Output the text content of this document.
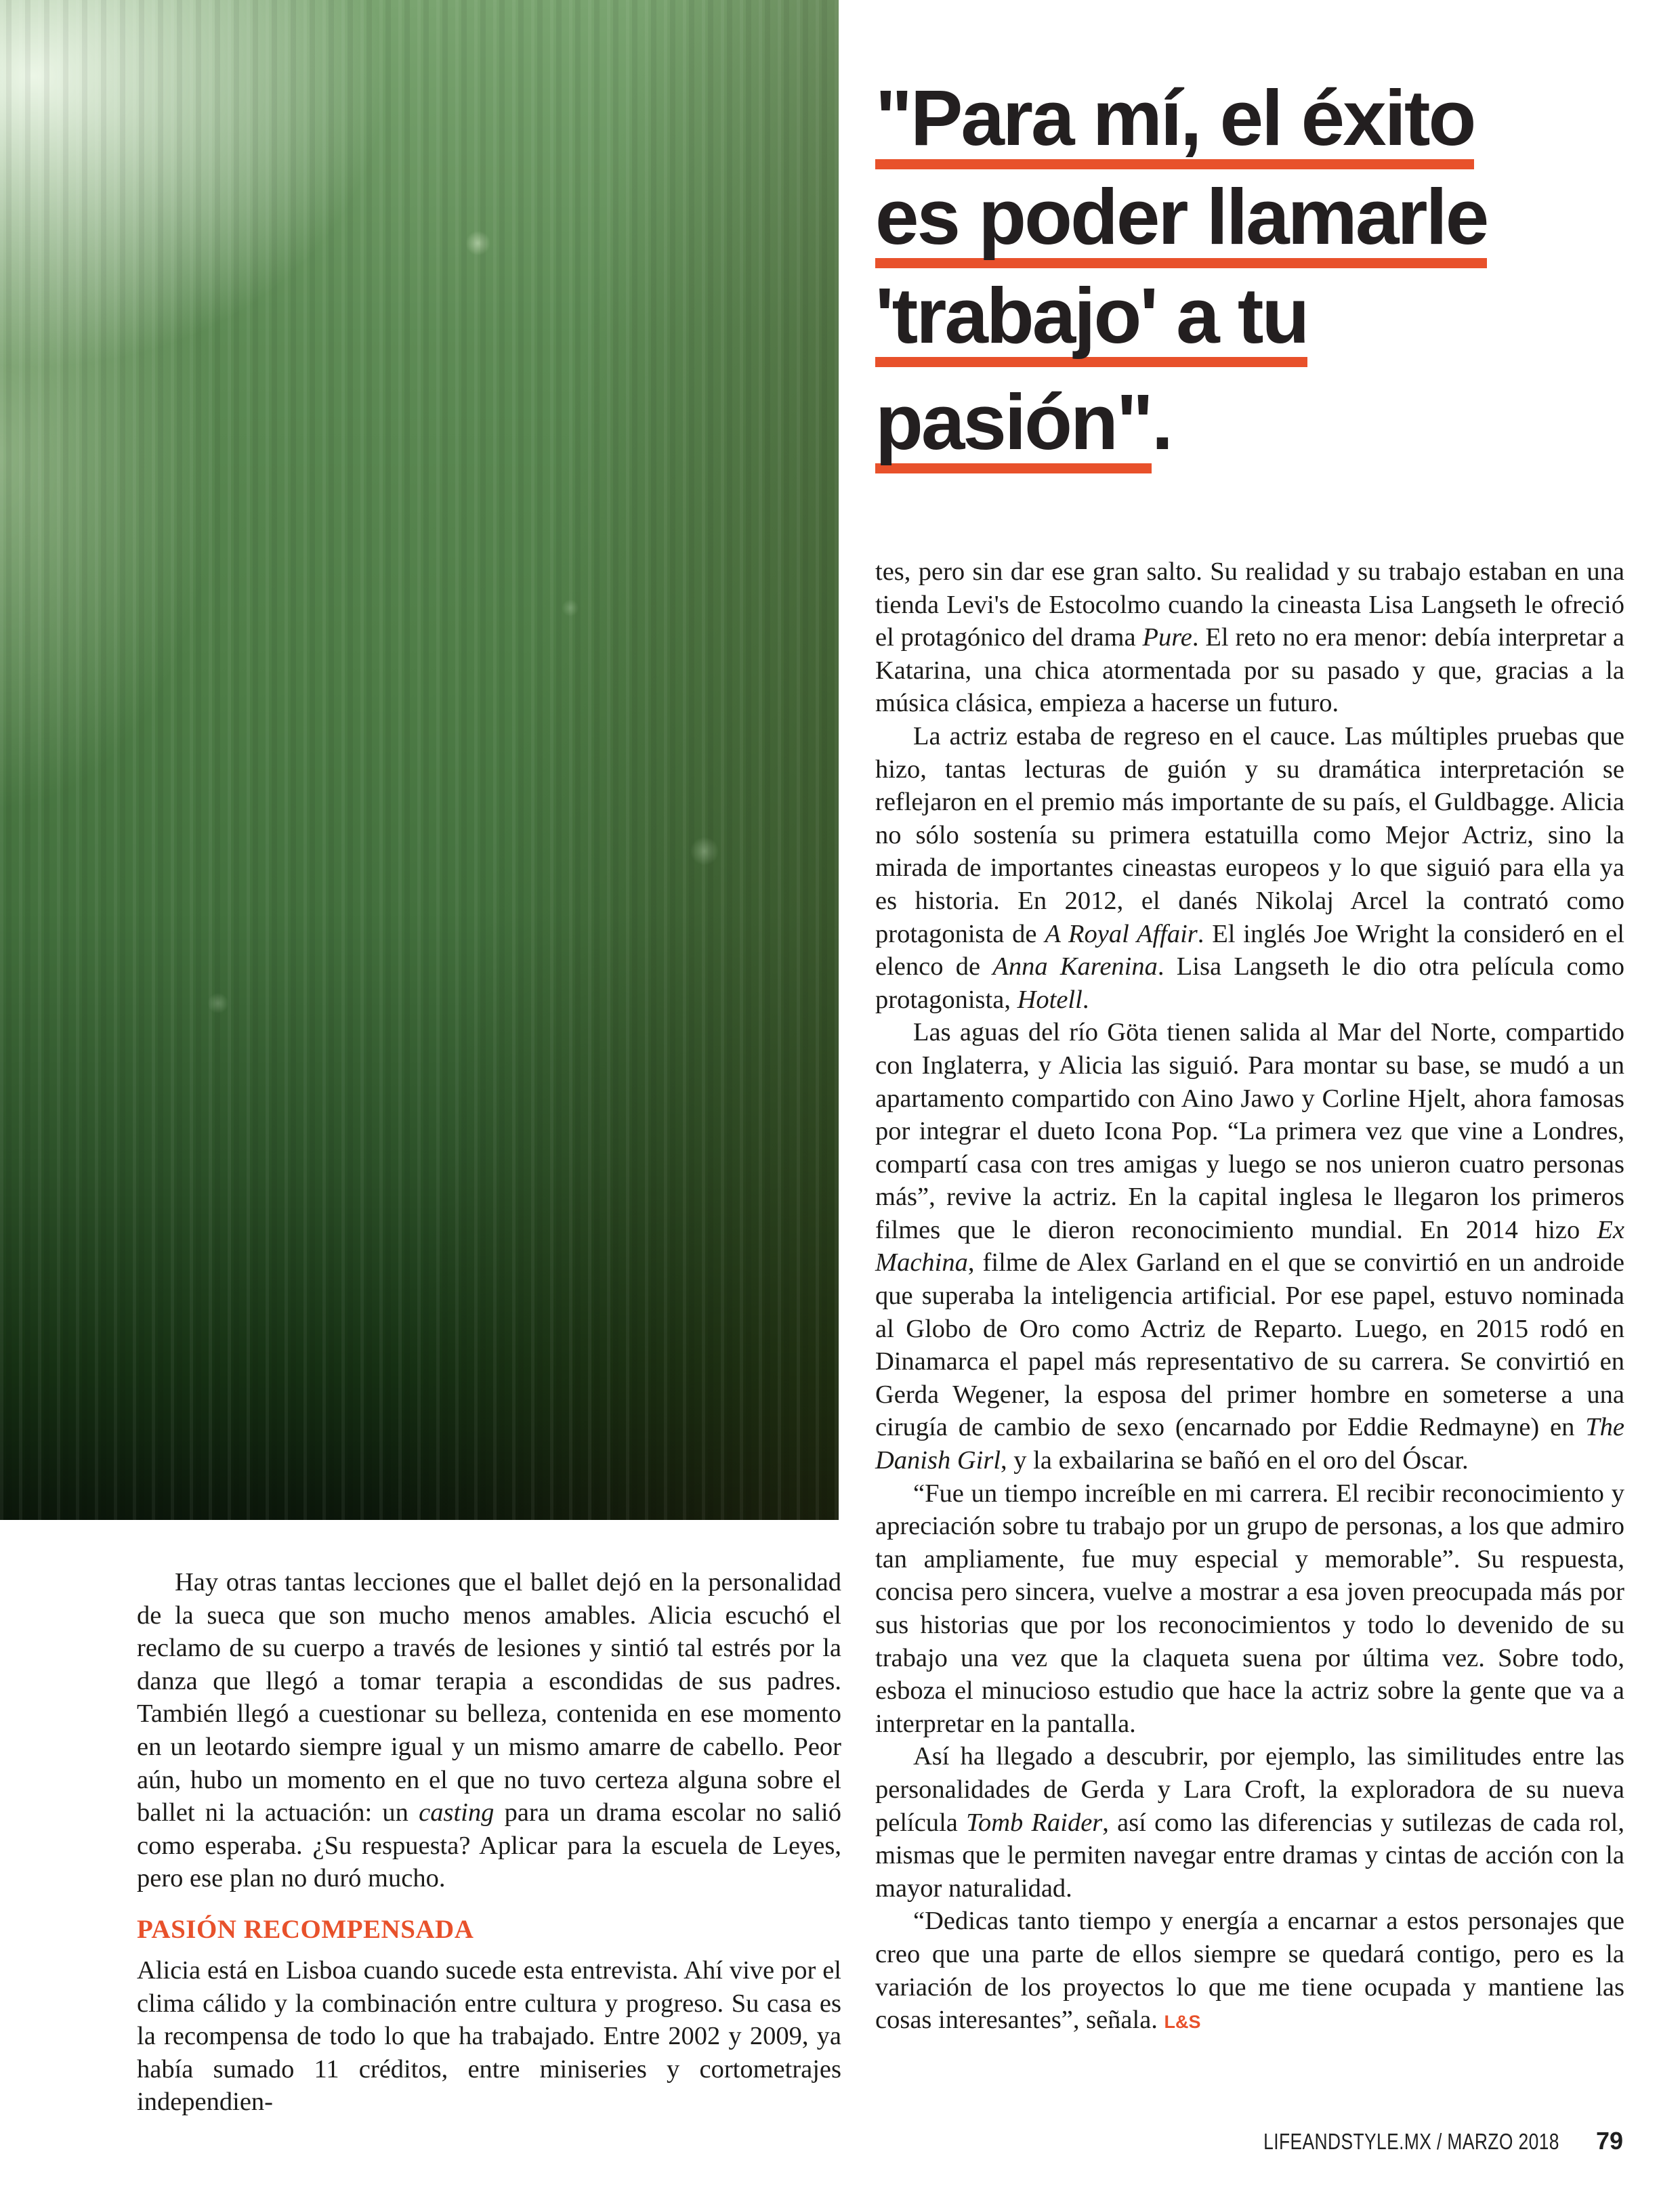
"Para mí, el éxito
es poder llamarle
'trabajo' a tu
pasión".

Hay otras tantas lecciones que el ballet dejó en la personalidad de la sueca que son mucho menos amables. Alicia escuchó el reclamo de su cuerpo a través de lesiones y sintió tal estrés por la danza que llegó a tomar terapia a escondidas de sus padres. También llegó a cuestionar su belleza, contenida en ese momento en un leotardo siempre igual y un mismo amarre de cabello. Peor aún, hubo un momento en el que no tuvo certeza alguna sobre el ballet ni la actuación: un casting para un drama escolar no salió como esperaba. ¿Su respuesta? Aplicar para la escuela de Leyes, pero ese plan no duró mucho.

PASIÓN RECOMPENSADA

Alicia está en Lisboa cuando sucede esta entrevista. Ahí vive por el clima cálido y la combinación entre cultura y progreso. Su casa es la recompensa de todo lo que ha trabajado. Entre 2002 y 2009, ya había sumado 11 créditos, entre miniseries y cortometrajes independien-

tes, pero sin dar ese gran salto. Su realidad y su trabajo estaban en una tienda Levi's de Estocolmo cuando la cineasta Lisa Langseth le ofreció el protagónico del drama Pure. El reto no era menor: debía interpretar a Katarina, una chica atormentada por su pasado y que, gracias a la música clásica, empieza a hacerse un futuro.

La actriz estaba de regreso en el cauce. Las múltiples pruebas que hizo, tantas lecturas de guión y su dramática interpretación se reflejaron en el premio más importante de su país, el Guldbagge. Alicia no sólo sostenía su primera estatuilla como Mejor Actriz, sino la mirada de importantes cineastas europeos y lo que siguió para ella ya es historia. En 2012, el danés Nikolaj Arcel la contrató como protagonista de A Royal Affair. El inglés Joe Wright la consideró en el elenco de Anna Karenina. Lisa Langseth le dio otra película como protagonista, Hotell.

Las aguas del río Göta tienen salida al Mar del Norte, compartido con Inglaterra, y Alicia las siguió. Para montar su base, se mudó a un apartamento compartido con Aino Jawo y Corline Hjelt, ahora famosas por integrar el dueto Icona Pop. “La primera vez que vine a Londres, compartí casa con tres amigas y luego se nos unieron cuatro personas más”, revive la actriz. En la capital inglesa le llegaron los primeros filmes que le dieron reconocimiento mundial. En 2014 hizo Ex Machina, filme de Alex Garland en el que se convirtió en un androide que superaba la inteligencia artificial. Por ese papel, estuvo nominada al Globo de Oro como Actriz de Reparto. Luego, en 2015 rodó en Dinamarca el papel más representativo de su carrera. Se convirtió en Gerda Wegener, la esposa del primer hombre en someterse a una cirugía de cambio de sexo (encarnado por Eddie Redmayne) en The Danish Girl, y la exbailarina se bañó en el oro del Óscar.

“Fue un tiempo increíble en mi carrera. El recibir reconocimiento y apreciación sobre tu trabajo por un grupo de personas, a los que admiro tan ampliamente, fue muy especial y memorable”. Su respuesta, concisa pero sincera, vuelve a mostrar a esa joven preocupada más por sus historias que por los reconocimientos y todo lo devenido de su trabajo una vez que la claqueta suena por última vez. Sobre todo, esboza el minucioso estudio que hace la actriz sobre la gente que va a interpretar en la pantalla.

Así ha llegado a descubrir, por ejemplo, las similitudes entre las personalidades de Gerda y Lara Croft, la exploradora de su nueva película Tomb Raider, así como las diferencias y sutilezas de cada rol, mismas que le permiten navegar entre dramas y cintas de acción con la mayor naturalidad.

“Dedicas tanto tiempo y energía a encarnar a estos personajes que creo que una parte de ellos siempre se quedará contigo, pero es la variación de los proyectos lo que me tiene ocupada y mantiene las cosas interesantes”, señala. L&S

LIFEANDSTYLE.MX / MARZO 2018 79
